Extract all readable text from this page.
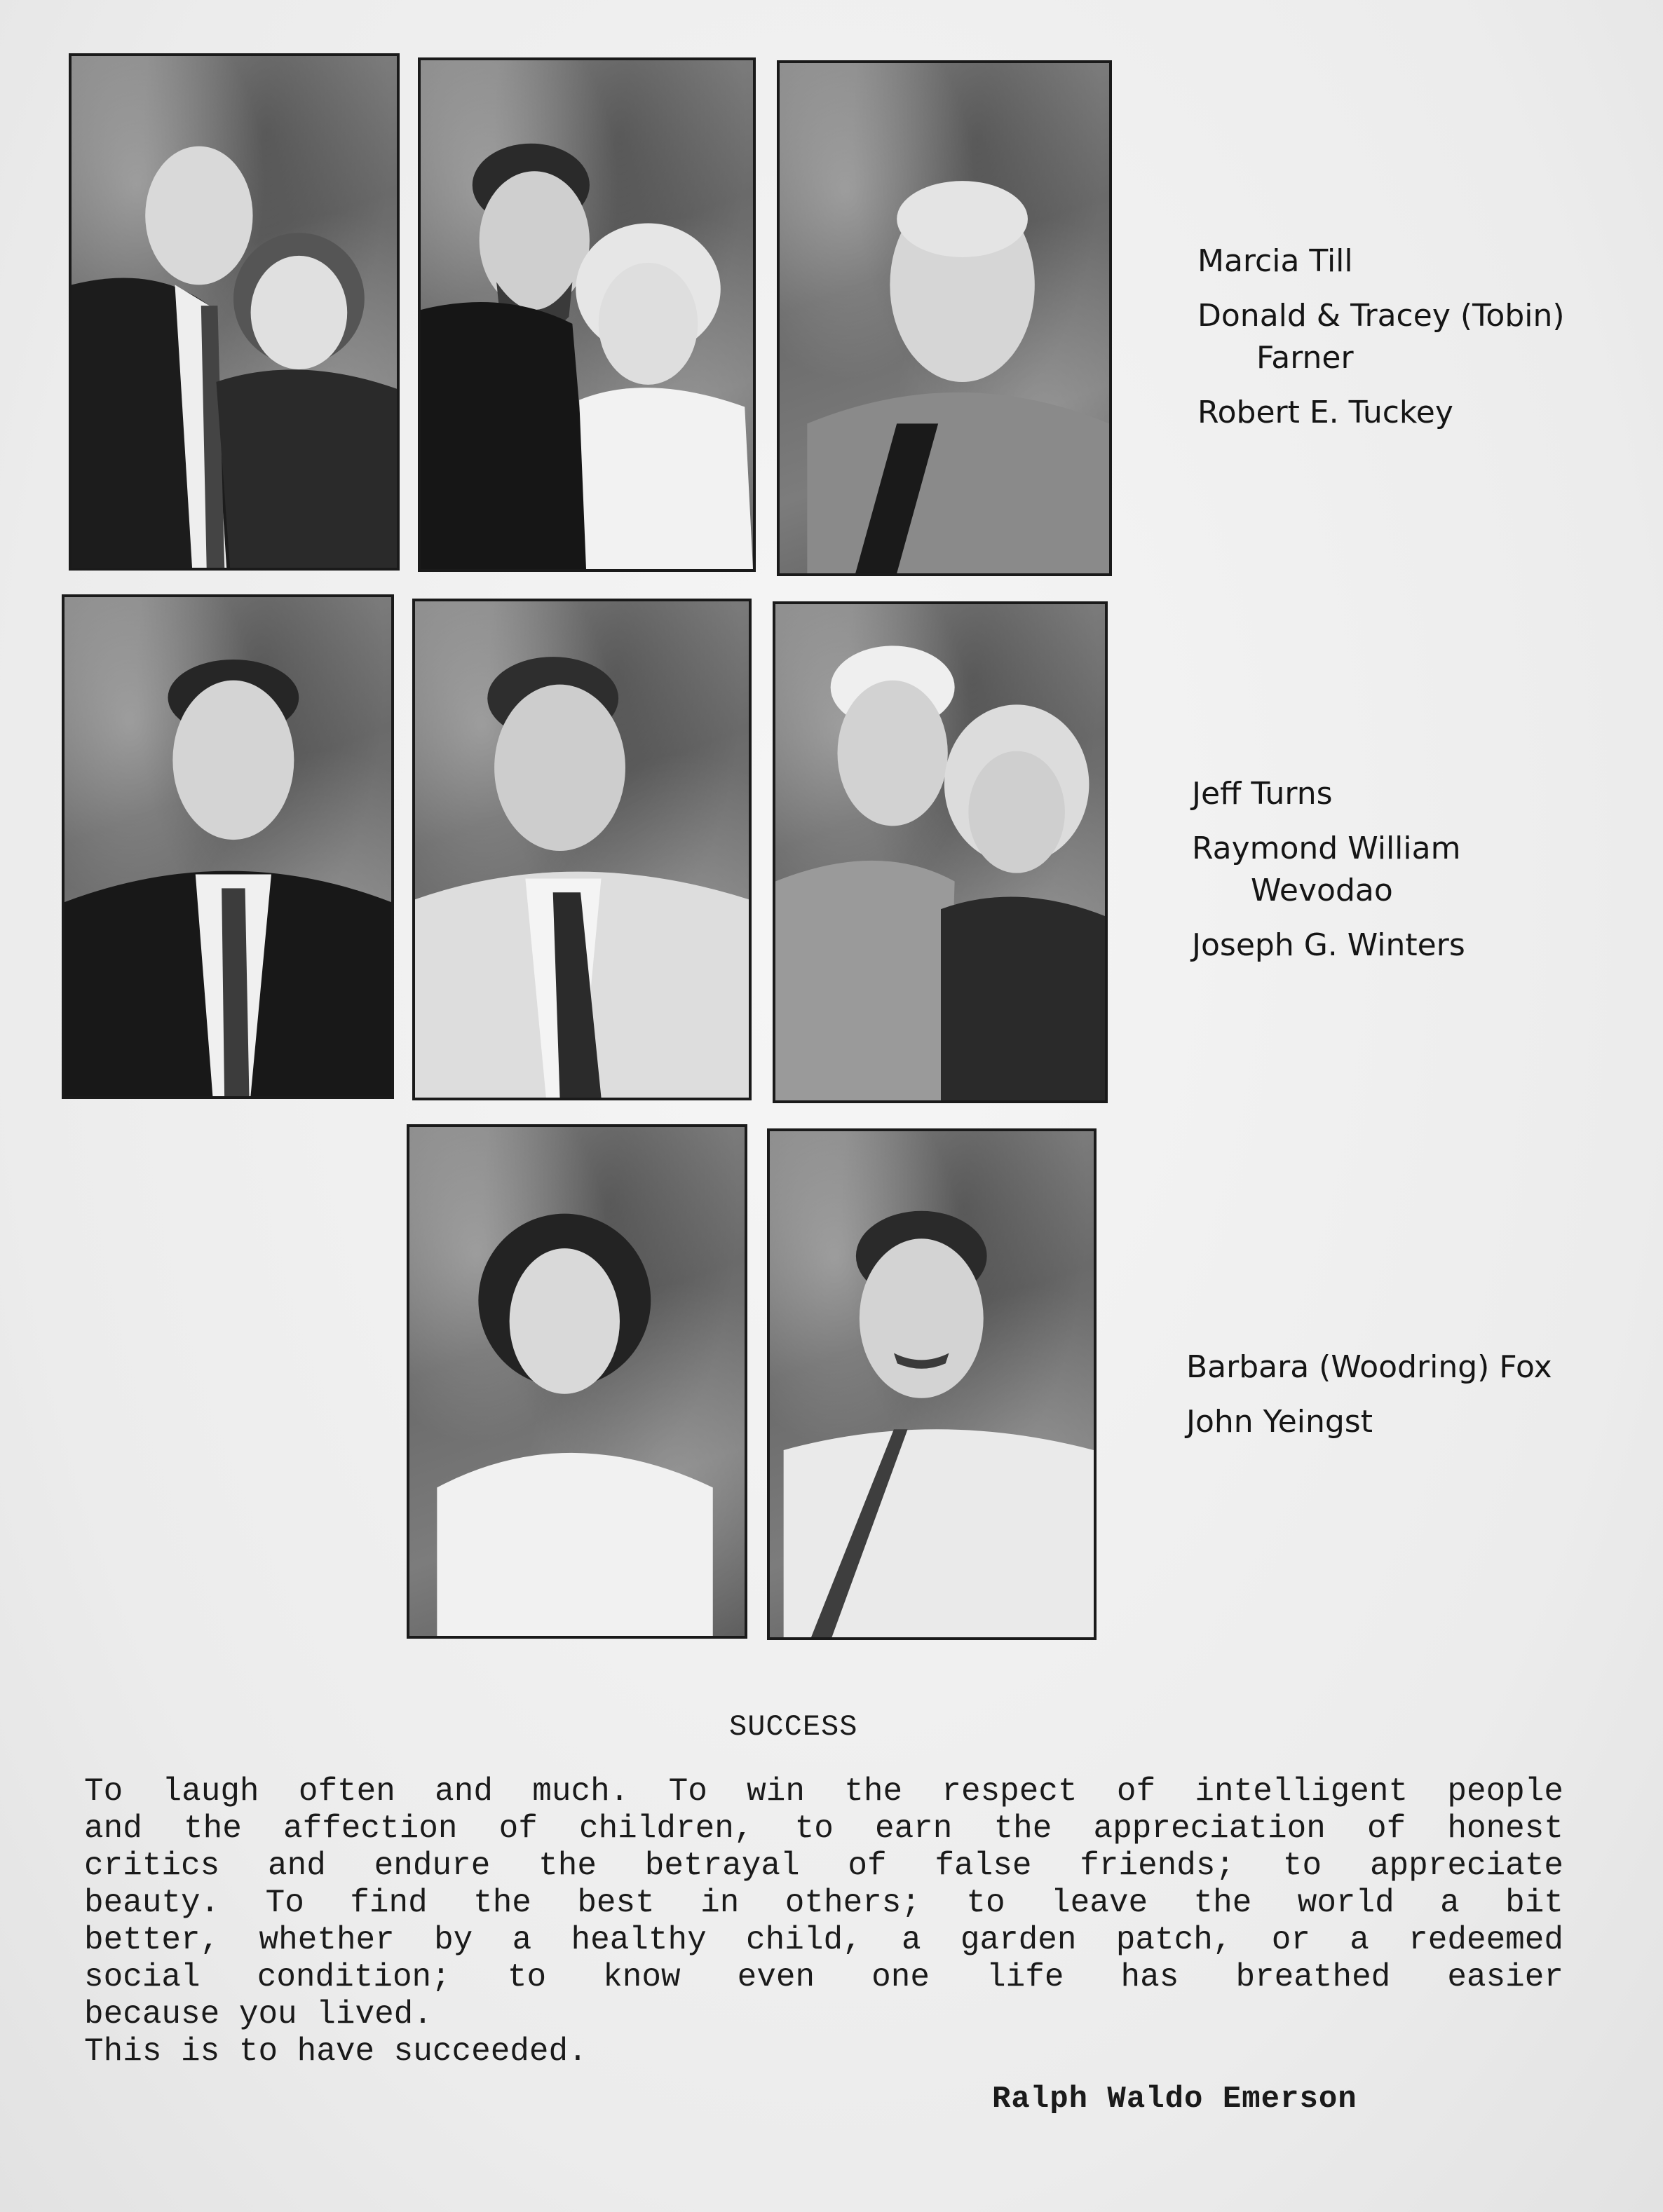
Marcia Till
Donald & Tracey (Tobin)
Farner
Robert E. Tuckey
Jeff Turns
Raymond William
Wevodao
Joseph G. Winters
Barbara (Woodring) Fox
John Yeingst
SUCCESS
To laugh often and much. To win the respect of intelligent people
and the affection of children, to earn the appreciation of honest
critics and endure the betrayal of false friends; to appreciate
beauty. To find the best in others; to leave the world a bit
better, whether by a healthy child, a garden patch, or a redeemed
social condition; to know even one life has breathed easier
because you lived.
This is to have succeeded.
Ralph Waldo Emerson
